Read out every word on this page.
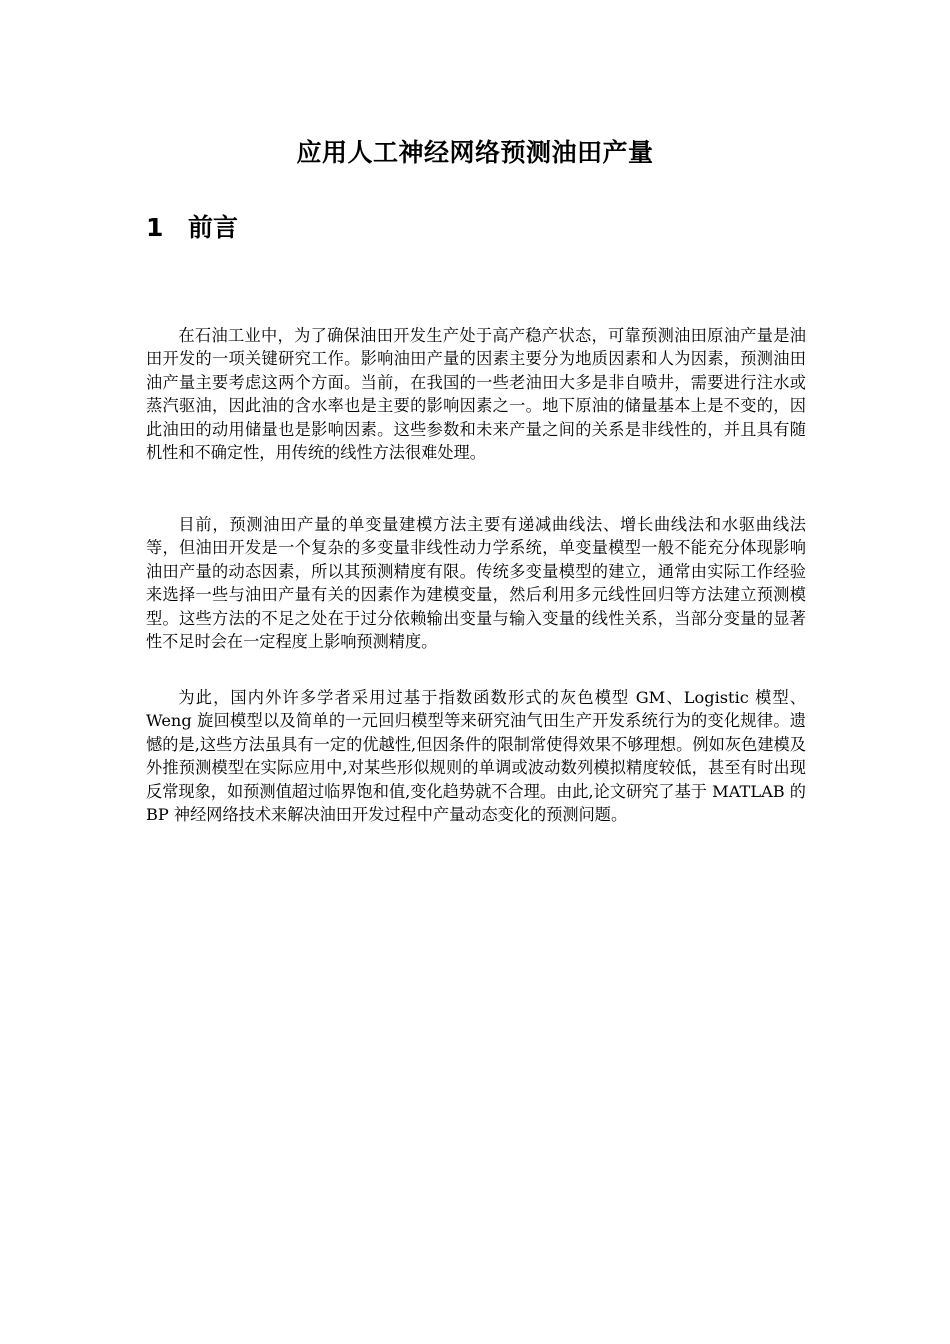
应用人工神经网络预测油田产量
1 前言

在石油工业中，为了确保油田开发生产处于高产稳产状态，可靠预测油田原油产量是油田开发的一项关键研究工作。影响油田产量的因素主要分为地质因素和人为因素，预测油田油产量主要考虑这两个方面。当前，在我国的一些老油田大多是非自喷井，需要进行注水或蒸汽驱油，因此油的含水率也是主要的影响因素之一。地下原油的储量基本上是不变的，因此油田的动用储量也是影响因素。这些参数和未来产量之间的关系是非线性的，并且具有随机性和不确定性，用传统的线性方法很难处理。

目前，预测油田产量的单变量建模方法主要有递减曲线法、增长曲线法和水驱曲线法等，但油田开发是一个复杂的多变量非线性动力学系统，单变量模型一般不能充分体现影响油田产量的动态因素，所以其预测精度有限。传统多变量模型的建立，通常由实际工作经验来选择一些与油田产量有关的因素作为建模变量，然后利用多元线性回归等方法建立预测模型。这些方法的不足之处在于过分依赖输出变量与输入变量的线性关系，当部分变量的显著性不足时会在一定程度上影响预测精度。

为此，国内外许多学者采用过基于指数函数形式的灰色模型 GM、Logistic 模型、Weng 旋回模型以及简单的一元回归模型等来研究油气田生产开发系统行为的变化规律。遗憾的是,这些方法虽具有一定的优越性,但因条件的限制常使得效果不够理想。例如灰色建模及外推预测模型在实际应用中,对某些形似规则的单调或波动数列模拟精度较低，甚至有时出现反常现象，如预测值超过临界饱和值,变化趋势就不合理。由此,论文研究了基于 MATLAB 的 BP 神经网络技术来解决油田开发过程中产量动态变化的预测问题。
